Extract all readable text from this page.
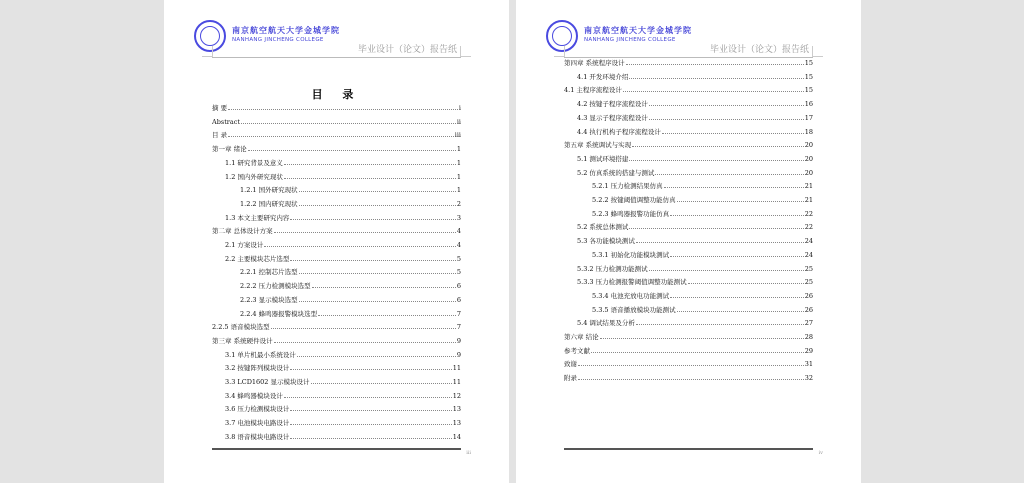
南京航空航天大学金城学院
NANHANG JINCHENG COLLEGE
毕业设计（论文）报告纸
目 录
摘 要	i
Abstract	ii
目 录	iii
第一章 绪论	1
1.1 研究背景及意义	1
1.2 国内外研究现状	1
1.2.1 国外研究现状	1
1.2.2 国内研究现状	2
1.3 本文主要研究内容	3
第二章 总体设计方案	4
2.1 方案设计	4
2.2 主要模块芯片选型	5
2.2.1 控制芯片选型	5
2.2.2 压力检测模块选型	6
2.2.3 显示模块选型	6
2.2.4 蜂鸣器报警模块选型	7
2.2.5 语音模块选型	7
第三章 系统硬件设计	9
3.1 单片机最小系统设计	9
3.2 按键阵列模块设计	11
3.3 LCD1602 显示模块设计	11
3.4 蜂鸣器模块设计	12
3.6 压力检测模块设计	13
3.7 电池模块电路设计	13
3.8 语音模块电路设计	14
iii
南京航空航天大学金城学院
NANHANG JINCHENG COLLEGE
毕业设计（论文）报告纸
第四章 系统程序设计	15
4.1 开发环境介绍	15
4.1 主程序流程设计	15
4.2 按键子程序流程设计	16
4.3 显示子程序流程设计	17
4.4 执行机构子程序流程设计	18
第五章 系统调试与实现	20
5.1 测试环境搭建	20
5.2 仿真系统的搭建与测试	20
5.2.1 压力检测结果仿真	21
5.2.2 按键阈值调整功能仿真	21
5.2.3 蜂鸣器报警功能仿真	22
5.2 系统总体测试	22
5.3 各功能模块测试	24
5.3.1 初始化功能模块测试	24
5.3.2 压力检测功能测试	25
5.3.3 压力检测报警阈值调整功能测试	25
5.3.4 电池充放电功能测试	26
5.3.5 语音播放模块功能测试	26
5.4 调试结果及分析	27
第六章 结论	28
参考文献	29
致谢	31
附录	32
iv
